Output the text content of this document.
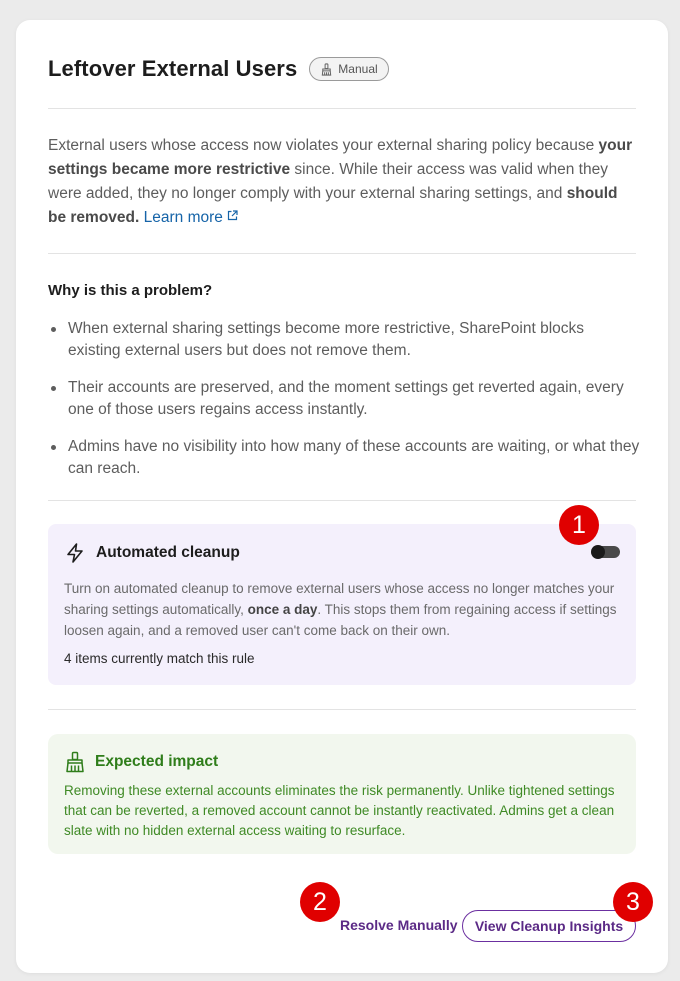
Leftover External Users	Manual
External users whose access now violates your external sharing policy because your settings became more restrictive since. While their access was valid when they were added, they no longer comply with your external sharing settings, and should be removed. Learn more
Why is this a problem?
When external sharing settings become more restrictive, SharePoint blocks existing external users but does not remove them.
Their accounts are preserved, and the moment settings get reverted again, every one of those users regains access instantly.
Admins have no visibility into how many of these accounts are waiting, or what they can reach.
Automated cleanup
Turn on automated cleanup to remove external users whose access no longer matches your sharing settings automatically, once a day. This stops them from regaining access if settings loosen again, and a removed user can't come back on their own.
4 items currently match this rule
Expected impact
Removing these external accounts eliminates the risk permanently. Unlike tightened settings that can be reverted, a removed account cannot be instantly reactivated. Admins get a clean slate with no hidden external access waiting to resurface.
Resolve Manually	View Cleanup Insights
1
2	3
